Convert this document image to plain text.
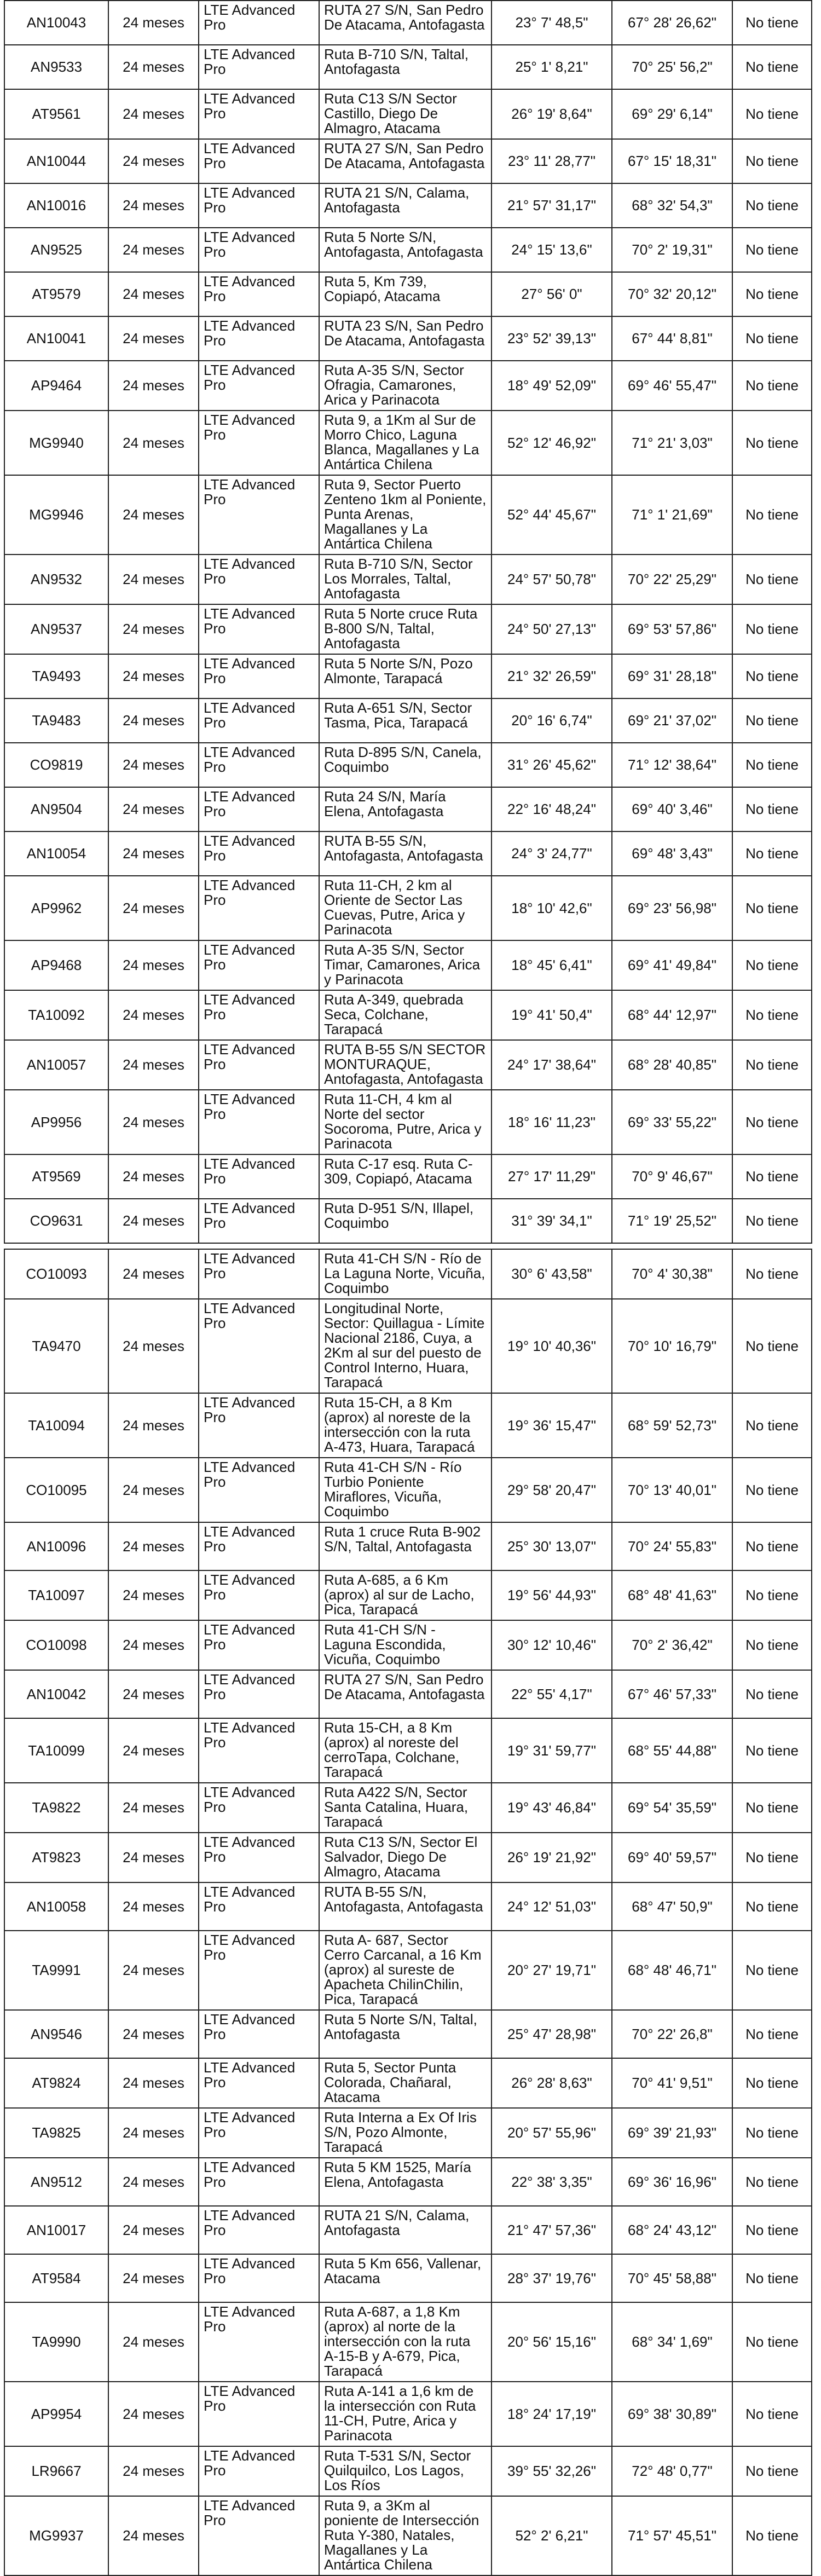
AN10043	24 meses	LTE Advanced Pro	RUTA 27 S/N, San Pedro De Atacama, Antofagasta	23° 7' 48,5"	67° 28' 26,62"	No tiene
AN9533	24 meses	LTE Advanced Pro	Ruta B-710 S/N, Taltal, Antofagasta	25° 1' 8,21"	70° 25' 56,2"	No tiene
AT9561	24 meses	LTE Advanced Pro	Ruta C13 S/N Sector Castillo, Diego De Almagro, Atacama	26° 19' 8,64"	69° 29' 6,14"	No tiene
AN10044	24 meses	LTE Advanced Pro	RUTA 27 S/N, San Pedro De Atacama, Antofagasta	23° 11' 28,77"	67° 15' 18,31"	No tiene
AN10016	24 meses	LTE Advanced Pro	RUTA 21 S/N, Calama, Antofagasta	21° 57' 31,17"	68° 32' 54,3"	No tiene
AN9525	24 meses	LTE Advanced Pro	Ruta 5 Norte S/N, Antofagasta, Antofagasta	24° 15' 13,6"	70° 2' 19,31"	No tiene
AT9579	24 meses	LTE Advanced Pro	Ruta 5, Km 739, Copiapó, Atacama	27° 56' 0"	70° 32' 20,12"	No tiene
AN10041	24 meses	LTE Advanced Pro	RUTA 23 S/N, San Pedro De Atacama, Antofagasta	23° 52' 39,13"	67° 44' 8,81"	No tiene
AP9464	24 meses	LTE Advanced Pro	Ruta A-35 S/N, Sector Ofragia, Camarones, Arica y Parinacota	18° 49' 52,09"	69° 46' 55,47"	No tiene
MG9940	24 meses	LTE Advanced Pro	Ruta 9, a 1Km al Sur de Morro Chico, Laguna Blanca, Magallanes y La Antártica Chilena	52° 12' 46,92"	71° 21' 3,03"	No tiene
MG9946	24 meses	LTE Advanced Pro	Ruta 9, Sector Puerto Zenteno 1km al Poniente, Punta Arenas, Magallanes y La Antártica Chilena	52° 44' 45,67"	71° 1' 21,69"	No tiene
AN9532	24 meses	LTE Advanced Pro	Ruta B-710 S/N, Sector Los Morrales, Taltal, Antofagasta	24° 57' 50,78"	70° 22' 25,29"	No tiene
AN9537	24 meses	LTE Advanced Pro	Ruta 5 Norte cruce Ruta B-800 S/N, Taltal, Antofagasta	24° 50' 27,13"	69° 53' 57,86"	No tiene
TA9493	24 meses	LTE Advanced Pro	Ruta 5 Norte S/N, Pozo Almonte, Tarapacá	21° 32' 26,59"	69° 31' 28,18"	No tiene
TA9483	24 meses	LTE Advanced Pro	Ruta A-651 S/N, Sector Tasma, Pica, Tarapacá	20° 16' 6,74"	69° 21' 37,02"	No tiene
CO9819	24 meses	LTE Advanced Pro	Ruta D-895 S/N, Canela, Coquimbo	31° 26' 45,62"	71° 12' 38,64"	No tiene
AN9504	24 meses	LTE Advanced Pro	Ruta 24 S/N, María Elena, Antofagasta	22° 16' 48,24"	69° 40' 3,46"	No tiene
AN10054	24 meses	LTE Advanced Pro	RUTA B-55 S/N, Antofagasta, Antofagasta	24° 3' 24,77"	69° 48' 3,43"	No tiene
AP9962	24 meses	LTE Advanced Pro	Ruta 11-CH, 2 km al Oriente de Sector Las Cuevas, Putre, Arica y Parinacota	18° 10' 42,6"	69° 23' 56,98"	No tiene
AP9468	24 meses	LTE Advanced Pro	Ruta A-35 S/N, Sector Timar, Camarones, Arica y Parinacota	18° 45' 6,41"	69° 41' 49,84"	No tiene
TA10092	24 meses	LTE Advanced Pro	Ruta A-349, quebrada Seca, Colchane, Tarapacá	19° 41' 50,4"	68° 44' 12,97"	No tiene
AN10057	24 meses	LTE Advanced Pro	RUTA B-55 S/N SECTOR MONTURAQUE, Antofagasta, Antofagasta	24° 17' 38,64"	68° 28' 40,85"	No tiene
AP9956	24 meses	LTE Advanced Pro	Ruta 11-CH, 4 km al Norte del sector Socoroma, Putre, Arica y Parinacota	18° 16' 11,23"	69° 33' 55,22"	No tiene
AT9569	24 meses	LTE Advanced Pro	Ruta C-17 esq. Ruta C-309, Copiapó, Atacama	27° 17' 11,29"	70° 9' 46,67"	No tiene
CO9631	24 meses	LTE Advanced Pro	Ruta D-951 S/N, Illapel, Coquimbo	31° 39' 34,1"	71° 19' 25,52"	No tiene
CO10093	24 meses	LTE Advanced Pro	Ruta 41-CH S/N - Río de La Laguna Norte, Vicuña, Coquimbo	30° 6' 43,58"	70° 4' 30,38"	No tiene
TA9470	24 meses	LTE Advanced Pro	Longitudinal Norte, Sector: Quillagua - Límite Nacional 2186, Cuya, a 2Km al sur del puesto de Control Interno, Huara, Tarapacá	19° 10' 40,36"	70° 10' 16,79"	No tiene
TA10094	24 meses	LTE Advanced Pro	Ruta 15-CH, a 8 Km (aprox) al noreste de la intersección con la ruta A-473, Huara, Tarapacá	19° 36' 15,47"	68° 59' 52,73"	No tiene
CO10095	24 meses	LTE Advanced Pro	Ruta 41-CH S/N - Río Turbio Poniente Miraflores, Vicuña, Coquimbo	29° 58' 20,47"	70° 13' 40,01"	No tiene
AN10096	24 meses	LTE Advanced Pro	Ruta 1 cruce Ruta B-902 S/N, Taltal, Antofagasta	25° 30' 13,07"	70° 24' 55,83"	No tiene
TA10097	24 meses	LTE Advanced Pro	Ruta A-685, a 6 Km (aprox) al sur de Lacho, Pica, Tarapacá	19° 56' 44,93"	68° 48' 41,63"	No tiene
CO10098	24 meses	LTE Advanced Pro	Ruta 41-CH S/N - Laguna Escondida, Vicuña, Coquimbo	30° 12' 10,46"	70° 2' 36,42"	No tiene
AN10042	24 meses	LTE Advanced Pro	RUTA 27 S/N, San Pedro De Atacama, Antofagasta	22° 55' 4,17"	67° 46' 57,33"	No tiene
TA10099	24 meses	LTE Advanced Pro	Ruta 15-CH, a 8 Km (aprox) al noreste del cerroTapa, Colchane, Tarapacá	19° 31' 59,77"	68° 55' 44,88"	No tiene
TA9822	24 meses	LTE Advanced Pro	Ruta A422 S/N, Sector Santa Catalina, Huara, Tarapacá	19° 43' 46,84"	69° 54' 35,59"	No tiene
AT9823	24 meses	LTE Advanced Pro	Ruta C13 S/N, Sector El Salvador, Diego De Almagro, Atacama	26° 19' 21,92"	69° 40' 59,57"	No tiene
AN10058	24 meses	LTE Advanced Pro	RUTA B-55 S/N, Antofagasta, Antofagasta	24° 12' 51,03"	68° 47' 50,9"	No tiene
TA9991	24 meses	LTE Advanced Pro	Ruta A- 687, Sector Cerro Carcanal, a 16 Km (aprox) al sureste de Apacheta ChilinChilin, Pica, Tarapacá	20° 27' 19,71"	68° 48' 46,71"	No tiene
AN9546	24 meses	LTE Advanced Pro	Ruta 5 Norte S/N, Taltal, Antofagasta	25° 47' 28,98"	70° 22' 26,8"	No tiene
AT9824	24 meses	LTE Advanced Pro	Ruta 5, Sector Punta Colorada, Chañaral, Atacama	26° 28' 8,63"	70° 41' 9,51"	No tiene
TA9825	24 meses	LTE Advanced Pro	Ruta Interna a Ex Of Iris S/N, Pozo Almonte, Tarapacá	20° 57' 55,96"	69° 39' 21,93"	No tiene
AN9512	24 meses	LTE Advanced Pro	Ruta 5 KM 1525, María Elena, Antofagasta	22° 38' 3,35"	69° 36' 16,96"	No tiene
AN10017	24 meses	LTE Advanced Pro	RUTA 21 S/N, Calama, Antofagasta	21° 47' 57,36"	68° 24' 43,12"	No tiene
AT9584	24 meses	LTE Advanced Pro	Ruta 5 Km 656, Vallenar, Atacama	28° 37' 19,76"	70° 45' 58,88"	No tiene
TA9990	24 meses	LTE Advanced Pro	Ruta A-687, a 1,8 Km (aprox) al norte de la intersección con la ruta A-15-B y A-679, Pica, Tarapacá	20° 56' 15,16"	68° 34' 1,69"	No tiene
AP9954	24 meses	LTE Advanced Pro	Ruta A-141 a 1,6 km de la intersección con Ruta 11-CH, Putre, Arica y Parinacota	18° 24' 17,19"	69° 38' 30,89"	No tiene
LR9667	24 meses	LTE Advanced Pro	Ruta T-531 S/N, Sector Quilquilco, Los Lagos, Los Ríos	39° 55' 32,26"	72° 48' 0,77"	No tiene
MG9937	24 meses	LTE Advanced Pro	Ruta 9, a 3Km al poniente de Intersección Ruta Y-380, Natales, Magallanes y La Antártica Chilena	52° 2' 6,21"	71° 57' 45,51"	No tiene
